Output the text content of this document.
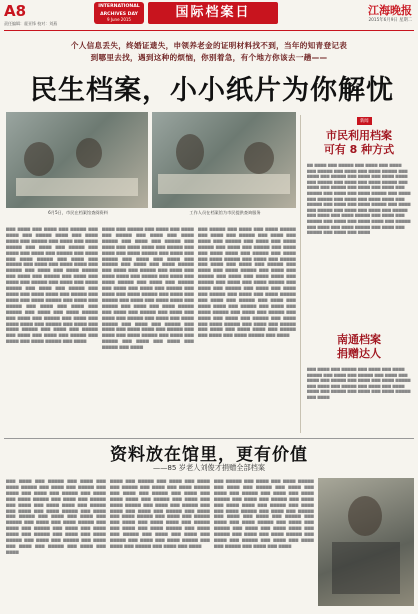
A8
责任编辑：霍亚锋 校对：刘燕
INTERNATIONAL
ARCHIVES DAY
9 June 2015	国际档案日	江海晚报
2015年6月9日 星期二
个人信息丢失，终婚证遗失，申领养老金的证明材料找不到，当年的知青登记表
到哪里去找，遇到这种的烦恼，你别着急，有个地方你该去一趟——
民生档案，小小纸片为你解忧
6月5日，市民在档案馆查阅资料	工作人员在档案馆为市民提供查询服务
▆▆▆ ▆▆▆▆ ▆▆▆ ▆▆▆▆ ▆▆▆ ▆▆▆▆▆ ▆▆▆ ▆▆▆▆ ▆▆▆ ▆▆▆▆▆ ▆▆▆▆ ▆▆▆ ▆▆▆▆ ▆▆▆▆ ▆▆▆ ▆▆▆▆▆ ▆▆▆ ▆▆▆▆ ▆▆▆ ▆▆▆▆ ▆▆▆▆▆ ▆▆▆ ▆▆▆▆ ▆▆▆ ▆▆▆▆▆ ▆▆▆ ▆▆▆▆ ▆▆▆ ▆▆▆▆ ▆▆▆ ▆▆▆▆▆ ▆▆▆ ▆▆▆▆ ▆▆▆ ▆▆▆▆ ▆▆▆▆▆ ▆▆▆ ▆▆▆▆ ▆▆▆ ▆▆▆▆▆ ▆▆▆ ▆▆▆▆ ▆▆▆ ▆▆▆▆ ▆▆▆▆ ▆▆▆ ▆▆▆▆▆ ▆▆▆ ▆▆▆▆ ▆▆▆ ▆▆▆▆ ▆▆▆▆▆ ▆▆▆ ▆▆▆▆ ▆▆▆ ▆▆▆▆▆ ▆▆▆ ▆▆▆▆ ▆▆▆ ▆▆▆▆ ▆▆▆ ▆▆▆▆▆ ▆▆▆ ▆▆▆▆ ▆▆▆ ▆▆▆▆ ▆▆▆▆▆ ▆▆▆ ▆▆▆▆ ▆▆▆ ▆▆▆▆▆ ▆▆▆ ▆▆▆▆ ▆▆▆ ▆▆▆▆ ▆▆▆▆ ▆▆▆ ▆▆▆▆▆ ▆▆▆ ▆▆▆▆ ▆▆▆ ▆▆▆▆ ▆▆▆▆▆ ▆▆▆ ▆▆▆▆ ▆▆▆ ▆▆▆▆▆ ▆▆▆ ▆▆▆▆ ▆▆▆ ▆▆▆▆ ▆▆▆ ▆▆▆▆▆ ▆▆▆ ▆▆▆▆ ▆▆▆ ▆▆▆▆ ▆▆▆▆▆ ▆▆▆ ▆▆▆▆ ▆▆▆ ▆▆▆▆▆ ▆▆▆ ▆▆▆▆ ▆▆▆ ▆▆▆▆ ▆▆▆▆ ▆▆▆ ▆▆▆▆▆ ▆▆▆ ▆▆▆▆ ▆▆▆ ▆▆▆▆ ▆▆▆▆▆ ▆▆▆ ▆▆▆▆ ▆▆▆ ▆▆▆▆▆ ▆▆▆ ▆▆▆▆ ▆▆▆ ▆▆▆▆ ▆▆▆ ▆▆▆▆▆ ▆▆▆ ▆▆▆▆ ▆▆▆ ▆▆▆▆ ▆▆▆▆▆ ▆▆▆ ▆▆▆▆
▆▆▆▆ ▆▆▆ ▆▆▆▆▆ ▆▆▆ ▆▆▆▆ ▆▆▆ ▆▆▆▆ ▆▆▆ ▆▆▆▆▆ ▆▆▆ ▆▆▆▆ ▆▆▆ ▆▆▆▆ ▆▆▆▆▆ ▆▆▆ ▆▆▆▆ ▆▆▆ ▆▆▆▆▆ ▆▆▆ ▆▆▆▆ ▆▆▆ ▆▆▆▆ ▆▆▆▆ ▆▆▆ ▆▆▆▆▆ ▆▆▆ ▆▆▆▆ ▆▆▆ ▆▆▆▆ ▆▆▆▆▆ ▆▆▆ ▆▆▆▆ ▆▆▆ ▆▆▆▆▆ ▆▆▆ ▆▆▆▆ ▆▆▆ ▆▆▆▆ ▆▆▆ ▆▆▆▆▆ ▆▆▆ ▆▆▆▆ ▆▆▆ ▆▆▆▆ ▆▆▆▆▆ ▆▆▆ ▆▆▆▆ ▆▆▆ ▆▆▆▆▆ ▆▆▆ ▆▆▆▆ ▆▆▆ ▆▆▆▆ ▆▆▆▆ ▆▆▆ ▆▆▆▆▆ ▆▆▆ ▆▆▆▆ ▆▆▆ ▆▆▆▆ ▆▆▆▆▆ ▆▆▆ ▆▆▆▆ ▆▆▆ ▆▆▆▆▆ ▆▆▆ ▆▆▆▆ ▆▆▆ ▆▆▆▆ ▆▆▆ ▆▆▆▆▆ ▆▆▆ ▆▆▆▆ ▆▆▆ ▆▆▆▆ ▆▆▆▆▆ ▆▆▆ ▆▆▆▆ ▆▆▆ ▆▆▆▆▆ ▆▆▆ ▆▆▆▆ ▆▆▆ ▆▆▆▆ ▆▆▆▆ ▆▆▆ ▆▆▆▆▆ ▆▆▆ ▆▆▆▆ ▆▆▆ ▆▆▆▆ ▆▆▆▆▆ ▆▆▆ ▆▆▆▆ ▆▆▆ ▆▆▆▆▆ ▆▆▆ ▆▆▆▆ ▆▆▆ ▆▆▆▆ ▆▆▆ ▆▆▆▆▆ ▆▆▆ ▆▆▆▆ ▆▆▆ ▆▆▆▆ ▆▆▆▆▆ ▆▆▆ ▆▆▆▆ ▆▆▆ ▆▆▆▆▆ ▆▆▆ ▆▆▆▆ ▆▆▆ ▆▆▆▆ ▆▆▆▆ ▆▆▆ ▆▆▆▆▆ ▆▆▆ ▆▆▆▆ ▆▆▆ ▆▆▆▆ ▆▆▆▆▆ ▆▆▆ ▆▆▆▆ ▆▆▆ ▆▆▆▆▆ ▆▆▆ ▆▆▆▆ ▆▆▆ ▆▆▆▆ ▆▆▆ ▆▆▆▆▆ ▆▆▆ ▆▆▆▆
▆▆▆ ▆▆▆▆▆ ▆▆▆ ▆▆▆▆ ▆▆▆ ▆▆▆▆ ▆▆▆▆▆ ▆▆▆ ▆▆▆▆ ▆▆▆ ▆▆▆▆▆ ▆▆▆ ▆▆▆▆ ▆▆▆ ▆▆▆▆ ▆▆▆ ▆▆▆▆▆ ▆▆▆ ▆▆▆▆ ▆▆▆ ▆▆▆▆ ▆▆▆▆▆ ▆▆▆ ▆▆▆▆ ▆▆▆ ▆▆▆▆▆ ▆▆▆ ▆▆▆▆ ▆▆▆ ▆▆▆▆ ▆▆▆▆ ▆▆▆ ▆▆▆▆▆ ▆▆▆ ▆▆▆▆ ▆▆▆ ▆▆▆▆ ▆▆▆▆▆ ▆▆▆ ▆▆▆▆ ▆▆▆ ▆▆▆▆▆ ▆▆▆ ▆▆▆▆ ▆▆▆ ▆▆▆▆ ▆▆▆ ▆▆▆▆▆ ▆▆▆ ▆▆▆▆ ▆▆▆ ▆▆▆▆ ▆▆▆▆▆ ▆▆▆ ▆▆▆▆ ▆▆▆ ▆▆▆▆▆ ▆▆▆ ▆▆▆▆ ▆▆▆ ▆▆▆▆ ▆▆▆▆ ▆▆▆ ▆▆▆▆▆ ▆▆▆ ▆▆▆▆ ▆▆▆ ▆▆▆▆ ▆▆▆▆▆ ▆▆▆ ▆▆▆▆ ▆▆▆ ▆▆▆▆▆ ▆▆▆ ▆▆▆▆ ▆▆▆ ▆▆▆▆ ▆▆▆ ▆▆▆▆▆ ▆▆▆ ▆▆▆▆ ▆▆▆ ▆▆▆▆ ▆▆▆▆▆ ▆▆▆ ▆▆▆▆ ▆▆▆ ▆▆▆▆▆ ▆▆▆ ▆▆▆▆ ▆▆▆ ▆▆▆▆ ▆▆▆▆ ▆▆▆ ▆▆▆▆▆ ▆▆▆ ▆▆▆▆ ▆▆▆ ▆▆▆▆ ▆▆▆▆▆ ▆▆▆ ▆▆▆▆ ▆▆▆ ▆▆▆▆▆ ▆▆▆ ▆▆▆▆ ▆▆▆ ▆▆▆▆ ▆▆▆ ▆▆▆▆▆ ▆▆▆ ▆▆▆▆ ▆▆▆ ▆▆▆▆ ▆▆▆▆▆ ▆▆▆ ▆▆▆▆ ▆▆▆ ▆▆▆▆▆ ▆▆▆ ▆▆▆▆ ▆▆▆ ▆▆▆▆ ▆▆▆▆ ▆▆▆ ▆▆▆▆▆ ▆▆▆ ▆▆▆▆ ▆▆▆ ▆▆▆▆ ▆▆▆▆▆ ▆▆▆ ▆▆▆▆
新闻
市民利用档案
可有 8 种方式
▆▆ ▆▆▆▆ ▆▆▆ ▆▆▆▆▆ ▆▆▆ ▆▆▆▆ ▆▆▆ ▆▆▆▆ ▆▆▆ ▆▆▆▆▆ ▆▆▆ ▆▆▆▆ ▆▆▆ ▆▆▆▆ ▆▆▆▆▆ ▆▆▆ ▆▆▆▆ ▆▆▆ ▆▆▆▆▆ ▆▆▆ ▆▆▆▆ ▆▆▆ ▆▆▆▆ ▆▆▆▆ ▆▆▆ ▆▆▆▆▆ ▆▆▆ ▆▆▆▆ ▆▆▆ ▆▆▆▆ ▆▆▆▆▆ ▆▆▆ ▆▆▆▆ ▆▆▆ ▆▆▆▆▆ ▆▆▆ ▆▆▆▆ ▆▆▆ ▆▆▆▆ ▆▆▆ ▆▆▆▆▆ ▆▆▆ ▆▆▆▆ ▆▆▆ ▆▆▆▆ ▆▆▆▆▆ ▆▆▆ ▆▆▆▆ ▆▆▆ ▆▆▆▆▆ ▆▆▆ ▆▆▆▆ ▆▆▆ ▆▆▆▆ ▆▆▆▆ ▆▆▆ ▆▆▆▆▆ ▆▆▆ ▆▆▆▆ ▆▆▆ ▆▆▆▆ ▆▆▆▆▆ ▆▆▆ ▆▆▆▆ ▆▆▆ ▆▆▆▆▆ ▆▆▆ ▆▆▆▆ ▆▆▆ ▆▆▆▆ ▆▆▆ ▆▆▆▆▆ ▆▆▆ ▆▆▆▆ ▆▆▆ ▆▆▆▆ ▆▆▆▆▆ ▆▆▆ ▆▆▆▆ ▆▆▆ ▆▆▆▆▆ ▆▆▆ ▆▆▆▆ ▆▆▆ ▆▆▆▆ ▆▆▆▆ ▆▆▆ ▆▆▆▆▆ ▆▆▆ ▆▆▆▆ ▆▆▆ ▆▆▆▆ ▆▆▆▆▆ ▆▆▆ ▆▆▆▆ ▆▆▆ ▆▆▆▆▆ ▆▆▆ ▆▆▆▆ ▆▆▆ ▆▆▆▆
南通档案
捐赠达人
▆▆▆ ▆▆▆▆ ▆▆▆ ▆▆▆▆▆ ▆▆▆ ▆▆▆▆ ▆▆▆ ▆▆▆▆ ▆▆▆▆▆ ▆▆▆ ▆▆▆▆ ▆▆▆ ▆▆▆▆▆ ▆▆▆ ▆▆▆▆ ▆▆▆ ▆▆▆▆ ▆▆▆ ▆▆▆▆▆ ▆▆▆ ▆▆▆▆ ▆▆▆ ▆▆▆▆ ▆▆▆▆▆ ▆▆▆ ▆▆▆▆ ▆▆▆ ▆▆▆▆▆ ▆▆▆ ▆▆▆▆ ▆▆▆ ▆▆▆▆ ▆▆▆▆ ▆▆▆ ▆▆▆▆▆ ▆▆▆ ▆▆▆▆ ▆▆▆ ▆▆▆▆ ▆▆▆▆▆ ▆▆▆ ▆▆▆▆
资料放在馆里，更有价值
——85 岁老人刘俊才捐赠全部档案
▆▆▆ ▆▆▆▆ ▆▆▆ ▆▆▆▆▆ ▆▆▆ ▆▆▆▆ ▆▆▆ ▆▆▆▆ ▆▆▆▆▆ ▆▆▆ ▆▆▆▆ ▆▆▆ ▆▆▆▆▆ ▆▆▆ ▆▆▆▆ ▆▆▆ ▆▆▆▆ ▆▆▆ ▆▆▆▆▆ ▆▆▆ ▆▆▆▆ ▆▆▆ ▆▆▆▆ ▆▆▆▆▆ ▆▆▆ ▆▆▆▆ ▆▆▆ ▆▆▆▆▆ ▆▆▆ ▆▆▆▆ ▆▆▆ ▆▆▆▆ ▆▆▆▆ ▆▆▆ ▆▆▆▆▆ ▆▆▆ ▆▆▆▆ ▆▆▆ ▆▆▆▆ ▆▆▆▆▆ ▆▆▆ ▆▆▆▆ ▆▆▆ ▆▆▆▆▆ ▆▆▆ ▆▆▆▆ ▆▆▆ ▆▆▆▆ ▆▆▆ ▆▆▆▆▆ ▆▆▆ ▆▆▆▆ ▆▆▆ ▆▆▆▆ ▆▆▆▆▆ ▆▆▆ ▆▆▆▆ ▆▆▆ ▆▆▆▆▆ ▆▆▆ ▆▆▆▆ ▆▆▆ ▆▆▆▆ ▆▆▆▆ ▆▆▆ ▆▆▆▆▆ ▆▆▆ ▆▆▆▆ ▆▆▆ ▆▆▆▆ ▆▆▆▆▆ ▆▆▆ ▆▆▆▆ ▆▆▆ ▆▆▆▆▆ ▆▆▆ ▆▆▆▆ ▆▆▆ ▆▆▆▆ ▆▆▆ ▆▆▆▆▆ ▆▆▆ ▆▆▆▆ ▆▆▆ ▆▆▆▆
▆▆▆▆ ▆▆▆ ▆▆▆▆▆ ▆▆▆ ▆▆▆▆ ▆▆▆ ▆▆▆▆ ▆▆▆ ▆▆▆▆▆ ▆▆▆ ▆▆▆▆ ▆▆▆ ▆▆▆▆ ▆▆▆▆▆ ▆▆▆ ▆▆▆▆ ▆▆▆ ▆▆▆▆▆ ▆▆▆ ▆▆▆▆ ▆▆▆ ▆▆▆▆ ▆▆▆▆ ▆▆▆ ▆▆▆▆▆ ▆▆▆ ▆▆▆▆ ▆▆▆ ▆▆▆▆ ▆▆▆▆▆ ▆▆▆ ▆▆▆▆ ▆▆▆ ▆▆▆▆▆ ▆▆▆ ▆▆▆▆ ▆▆▆ ▆▆▆▆ ▆▆▆ ▆▆▆▆▆ ▆▆▆ ▆▆▆▆ ▆▆▆ ▆▆▆▆ ▆▆▆▆▆ ▆▆▆ ▆▆▆▆ ▆▆▆ ▆▆▆▆▆ ▆▆▆ ▆▆▆▆ ▆▆▆ ▆▆▆▆ ▆▆▆▆ ▆▆▆ ▆▆▆▆▆ ▆▆▆ ▆▆▆▆ ▆▆▆ ▆▆▆▆ ▆▆▆▆▆ ▆▆▆ ▆▆▆▆ ▆▆▆ ▆▆▆▆▆ ▆▆▆ ▆▆▆▆ ▆▆▆ ▆▆▆▆ ▆▆▆ ▆▆▆▆▆ ▆▆▆ ▆▆▆▆ ▆▆▆ ▆▆▆▆ ▆▆▆▆▆ ▆▆▆ ▆▆▆▆ ▆▆▆ ▆▆▆▆▆ ▆▆▆ ▆▆▆▆ ▆▆▆ ▆▆▆▆
▆▆▆ ▆▆▆▆▆ ▆▆▆ ▆▆▆▆ ▆▆▆ ▆▆▆▆ ▆▆▆▆▆ ▆▆▆ ▆▆▆▆ ▆▆▆ ▆▆▆▆▆ ▆▆▆ ▆▆▆▆ ▆▆▆ ▆▆▆▆ ▆▆▆ ▆▆▆▆▆ ▆▆▆ ▆▆▆▆ ▆▆▆ ▆▆▆▆ ▆▆▆▆▆ ▆▆▆ ▆▆▆▆ ▆▆▆ ▆▆▆▆▆ ▆▆▆ ▆▆▆▆ ▆▆▆ ▆▆▆▆ ▆▆▆▆ ▆▆▆ ▆▆▆▆▆ ▆▆▆ ▆▆▆▆ ▆▆▆ ▆▆▆▆ ▆▆▆▆▆ ▆▆▆ ▆▆▆▆ ▆▆▆ ▆▆▆▆▆ ▆▆▆ ▆▆▆▆ ▆▆▆ ▆▆▆▆ ▆▆▆ ▆▆▆▆▆ ▆▆▆ ▆▆▆▆ ▆▆▆ ▆▆▆▆ ▆▆▆▆▆ ▆▆▆ ▆▆▆▆ ▆▆▆ ▆▆▆▆▆ ▆▆▆ ▆▆▆▆ ▆▆▆ ▆▆▆▆ ▆▆▆▆ ▆▆▆ ▆▆▆▆▆ ▆▆▆ ▆▆▆▆ ▆▆▆ ▆▆▆▆ ▆▆▆▆▆ ▆▆▆ ▆▆▆▆ ▆▆▆ ▆▆▆▆▆ ▆▆▆ ▆▆▆▆ ▆▆▆ ▆▆▆▆ ▆▆▆ ▆▆▆▆▆ ▆▆▆ ▆▆▆▆ ▆▆▆ ▆▆▆▆
